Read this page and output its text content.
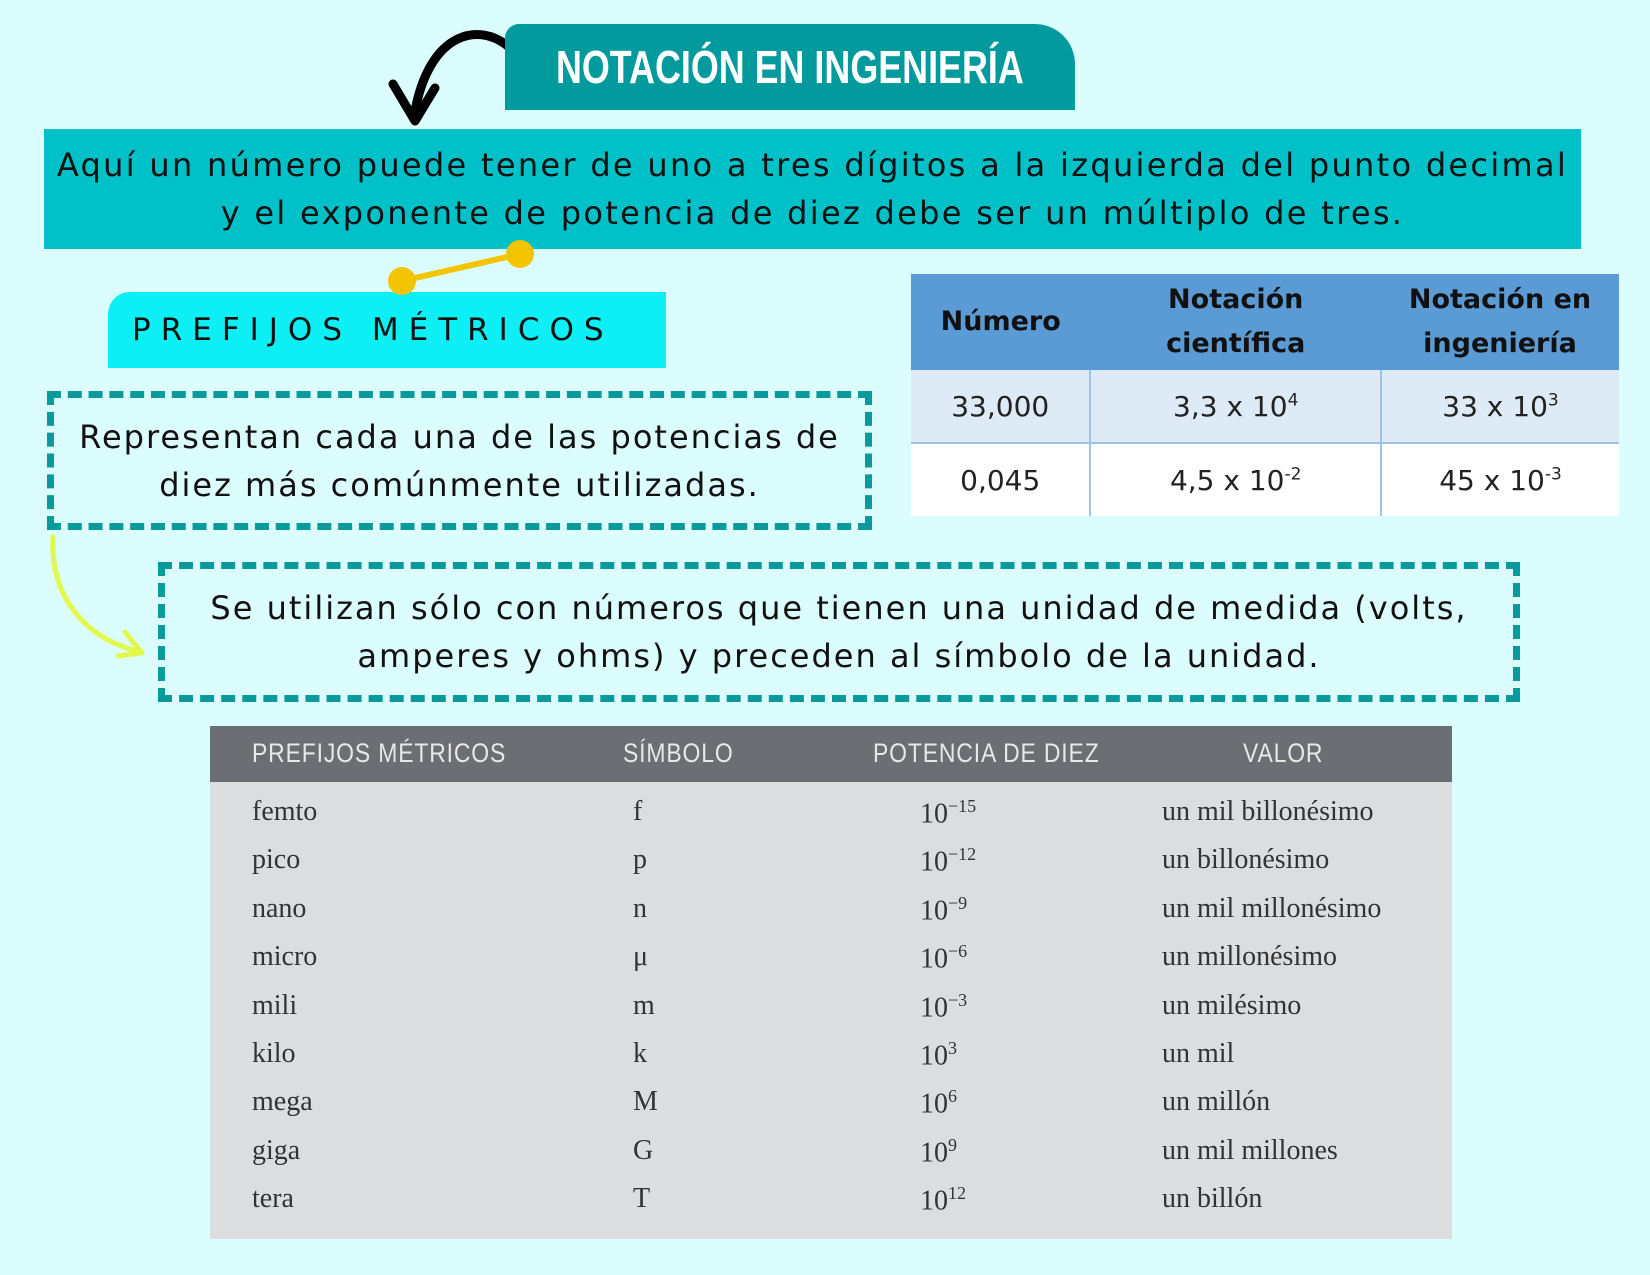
NOTACIÓN EN INGENIERÍA
Aquí un número puede tener de uno a tres dígitos a la izquierda del punto decimal y el exponente de potencia de diez debe ser un múltiplo de tres.
PREFIJOS MÉTRICOS
Representan cada una de las potencias de diez más comúnmente utilizadas.
Número	Notación científica	Notación en ingeniería
33,000	3,3 x $10^4$	33 x $10^3$
0,045	4,5 x $10^{-2}$	45 x $10^{-3}$
Se utilizan sólo con números que tienen una unidad de medida (volts, amperes y ohms) y preceden al símbolo de la unidad.
PREFIJOS MÉTRICOS	SÍMBOLO	POTENCIA DE DIEZ	VALOR
femto	f	$10^{-15}$	un mil billonésimo
pico	p	$10^{-12}$	un billonésimo
nano	n	$10^{-9}$	un mil millonésimo
micro	μ	$10^{-6}$	un millonésimo
mili	m	$10^{-3}$	un milésimo
kilo	k	$10^3$	un mil
mega	M	$10^6$	un millón
giga	G	$10^9$	un mil millones
tera	T	$10^{12}$	un billón
